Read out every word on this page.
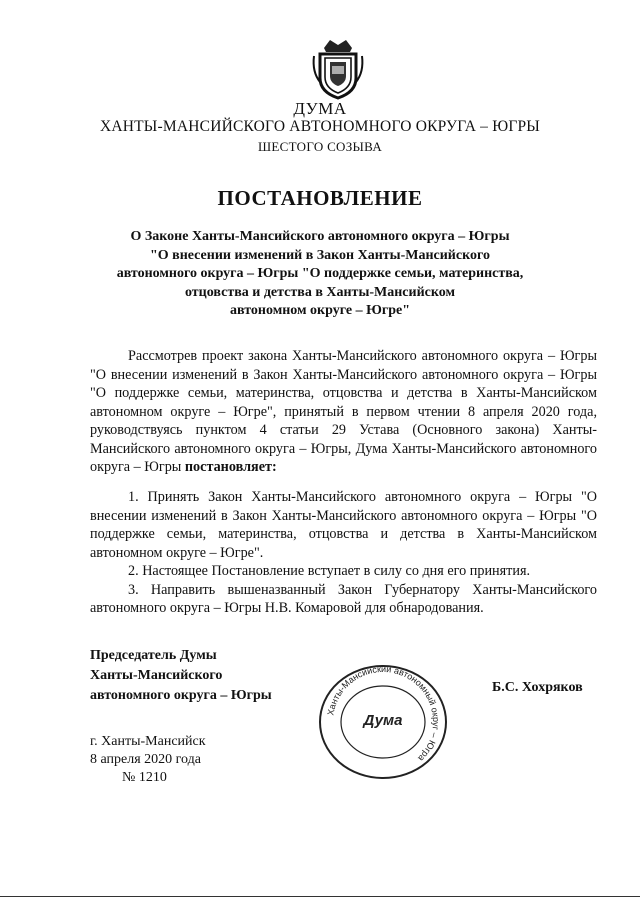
ДУМА
ХАНТЫ-МАНСИЙСКОГО АВТОНОМНОГО ОКРУГА – ЮГРЫ
ШЕСТОГО СОЗЫВА
ПОСТАНОВЛЕНИЕ
О Законе Ханты-Мансийского автономного округа – Югры
"О внесении изменений в Закон Ханты-Мансийского
автономного округа – Югры "О поддержке семьи, материнства,
отцовства и детства в Ханты-Мансийском
автономном округе – Югре"
Рассмотрев проект закона Ханты-Мансийского автономного округа – Югры "О внесении изменений в Закон Ханты-Мансийского автономного округа – Югры "О поддержке семьи, материнства, отцовства и детства в Ханты-Мансийском автономном округе – Югре", принятый в первом чтении 8 апреля 2020 года, руководствуясь пунктом 4 статьи 29 Устава (Основного закона) Ханты-Мансийского автономного округа – Югры, Дума Ханты-Мансийского автономного округа – Югры постановляет:
1. Принять Закон Ханты-Мансийского автономного округа – Югры "О внесении изменений в Закон Ханты-Мансийского автономного округа – Югры "О поддержке семьи, материнства, отцовства и детства в Ханты-Мансийском автономном округе – Югре".
2. Настоящее Постановление вступает в силу со дня его принятия.
3. Направить вышеназванный Закон Губернатору Ханты-Мансийского автономного округа – Югры Н.В. Комаровой для обнародования.
Председатель Думы
Ханты-Мансийского
автономного округа – Югры
Ханты-Мансийский автономный округ – Югра
Дума
Б.С. Хохряков
г. Ханты-Мансийск
8 апреля 2020 года
№ 1210
